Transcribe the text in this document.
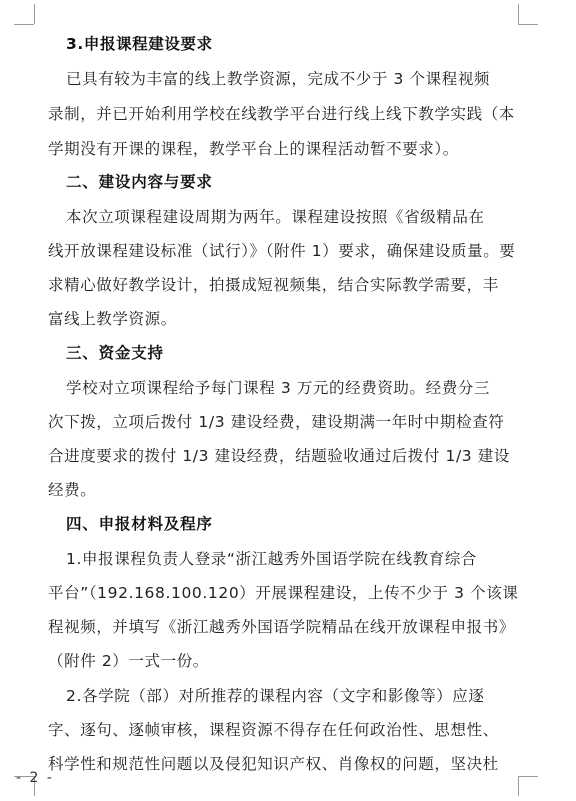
3.申报课程建设要求
已具有较为丰富的线上教学资源，完成不少于 3 个课程视频
录制，并已开始利用学校在线教学平台进行线上线下教学实践（本
学期没有开课的课程，教学平台上的课程活动暂不要求）。
二、建设内容与要求
本次立项课程建设周期为两年。课程建设按照《省级精品在
线开放课程建设标准（试行）》（附件 1）要求，确保建设质量。要
求精心做好教学设计，拍摄成短视频集，结合实际教学需要，丰
富线上教学资源。
三、资金支持
学校对立项课程给予每门课程 3 万元的经费资助。经费分三
次下拨，立项后拨付 1/3 建设经费，建设期满一年时中期检查符
合进度要求的拨付 1/3 建设经费，结题验收通过后拨付 1/3 建设
经费。
四、申报材料及程序
1.申报课程负责人登录“浙江越秀外国语学院在线教育综合
平台”（192.168.100.120）开展课程建设，上传不少于 3 个该课
程视频，并填写《浙江越秀外国语学院精品在线开放课程申报书》
（附件 2）一式一份。
2.各学院（部）对所推荐的课程内容（文字和影像等）应逐
字、逐句、逐帧审核，课程资源不得存在任何政治性、思想性、
科学性和规范性问题以及侵犯知识产权、肖像权的问题，坚决杜
- 2 -
